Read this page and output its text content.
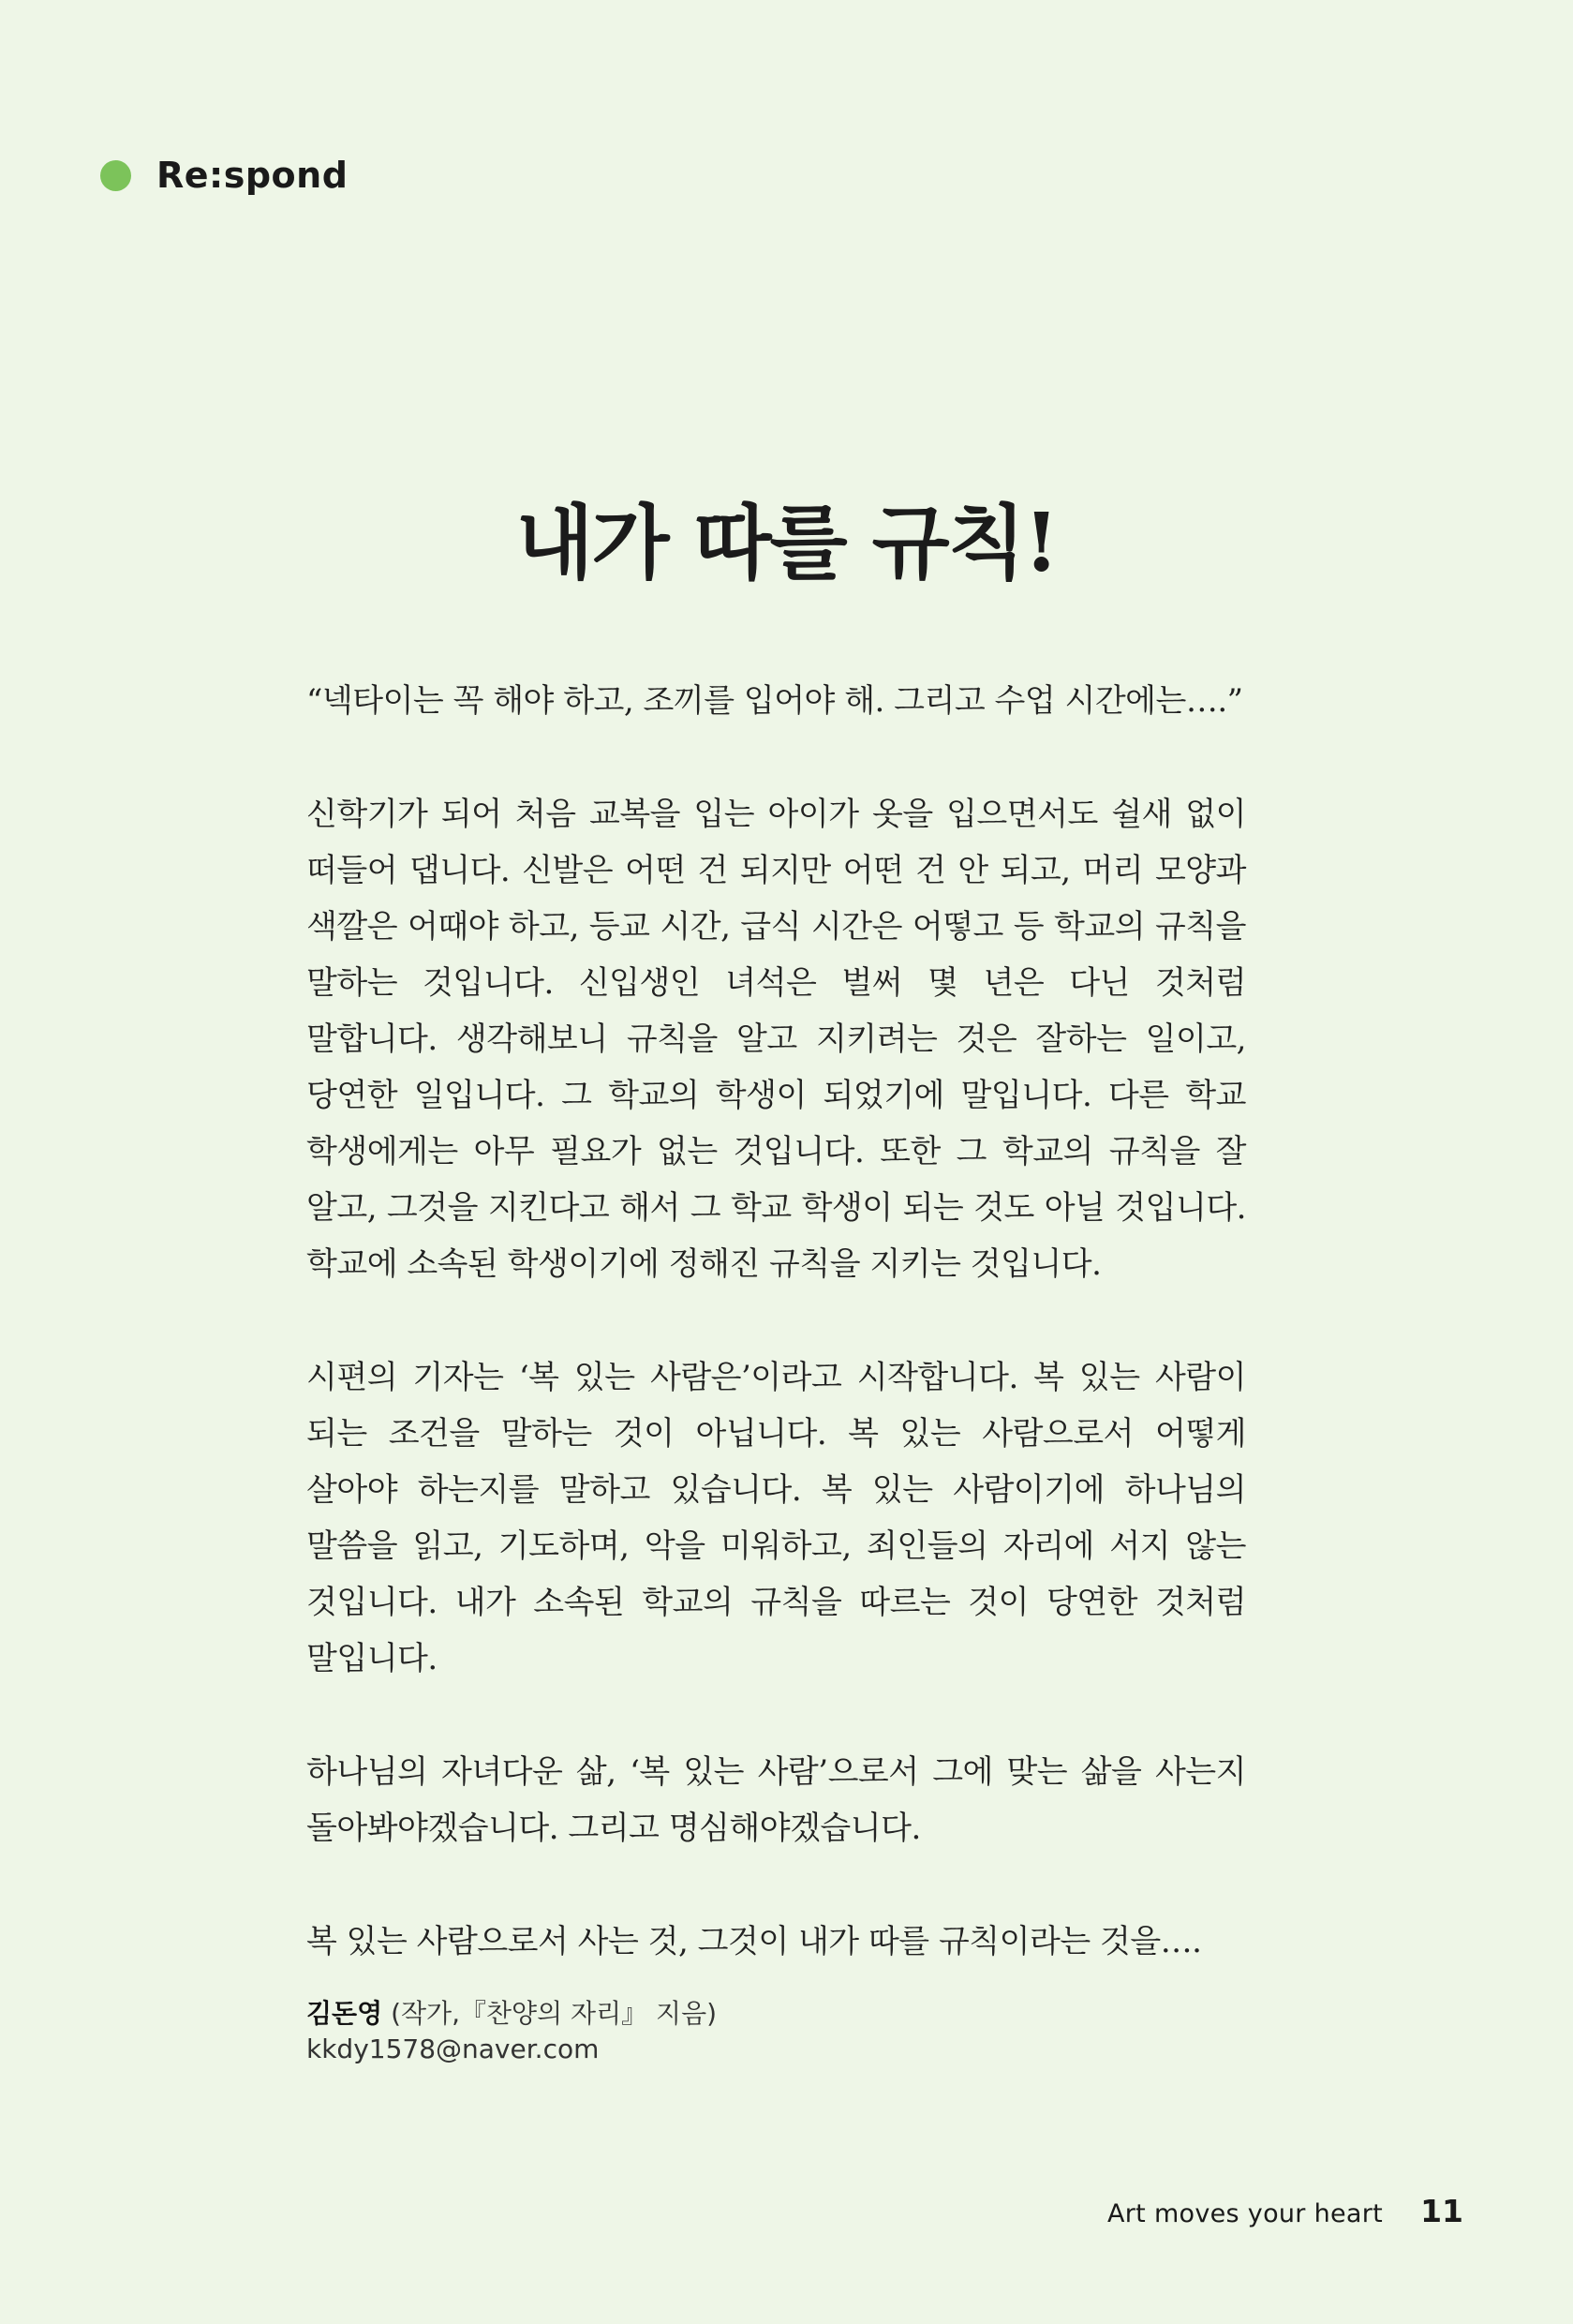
Re:spond
내가 따를 규칙!

“넥타이는 꼭 해야 하고, 조끼를 입어야 해. 그리고 수업 시간에는….”

신학기가 되어 처음 교복을 입는 아이가 옷을 입으면서도 쉴새 없이 떠들어 댑니다. 신발은 어떤 건 되지만 어떤 건 안 되고, 머리 모양과 색깔은 어때야 하고, 등교 시간, 급식 시간은 어떻고 등 학교의 규칙을 말하는 것입니다. 신입생인 녀석은 벌써 몇 년은 다닌 것처럼 말합니다. 생각해보니 규칙을 알고 지키려는 것은 잘하는 일이고, 당연한 일입니다. 그 학교의 학생이 되었기에 말입니다. 다른 학교 학생에게는 아무 필요가 없는 것입니다. 또한 그 학교의 규칙을 잘 알고, 그것을 지킨다고 해서 그 학교 학생이 되는 것도 아닐 것입니다. 학교에 소속된 학생이기에 정해진 규칙을 지키는 것입니다.

시편의 기자는 ‘복 있는 사람은’이라고 시작합니다. 복 있는 사람이 되는 조건을 말하는 것이 아닙니다. 복 있는 사람으로서 어떻게 살아야 하는지를 말하고 있습니다. 복 있는 사람이기에 하나님의 말씀을 읽고, 기도하며, 악을 미워하고, 죄인들의 자리에 서지 않는 것입니다. 내가 소속된 학교의 규칙을 따르는 것이 당연한 것처럼 말입니다.

하나님의 자녀다운 삶, ‘복 있는 사람’으로서 그에 맞는 삶을 사는지 돌아봐야겠습니다. 그리고 명심해야겠습니다.

복 있는 사람으로서 사는 것, 그것이 내가 따를 규칙이라는 것을….

김돈영 (작가,『찬양의 자리』 지음)
kkdy1578@naver.com
Art moves your heart 11
